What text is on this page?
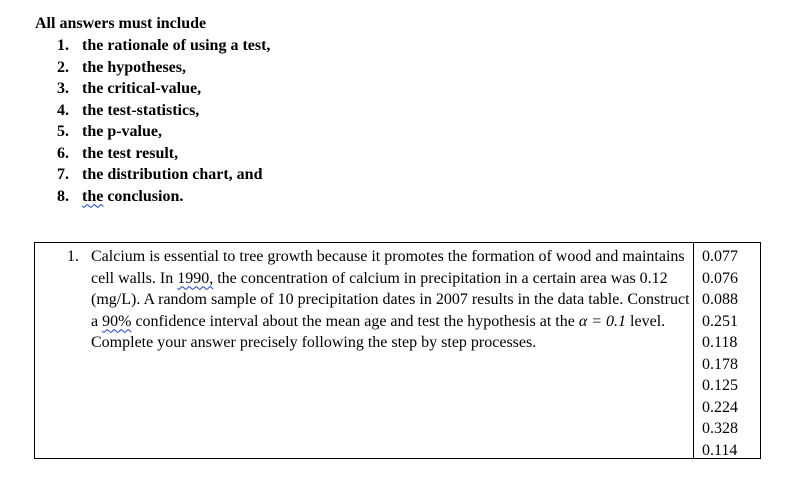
All answers must include
1. the rationale of using a test,
2. the hypotheses,
3. the critical-value,
4. the test-statistics,
5. the p-value,
6. the test result,
7. the distribution chart, and
8. the conclusion.
1. Calcium is essential to tree growth because it promotes the formation of wood and maintains cell walls. In 1990, the concentration of calcium in precipitation in a certain area was 0.12 (mg/L). A random sample of 10 precipitation dates in 2007 results in the data table. Construct a 90% confidence interval about the mean age and test the hypothesis at the α = 0.1 level. Complete your answer precisely following the step by step processes.
0.077
0.076
0.088
0.251
0.118
0.178
0.125
0.224
0.328
0.114
